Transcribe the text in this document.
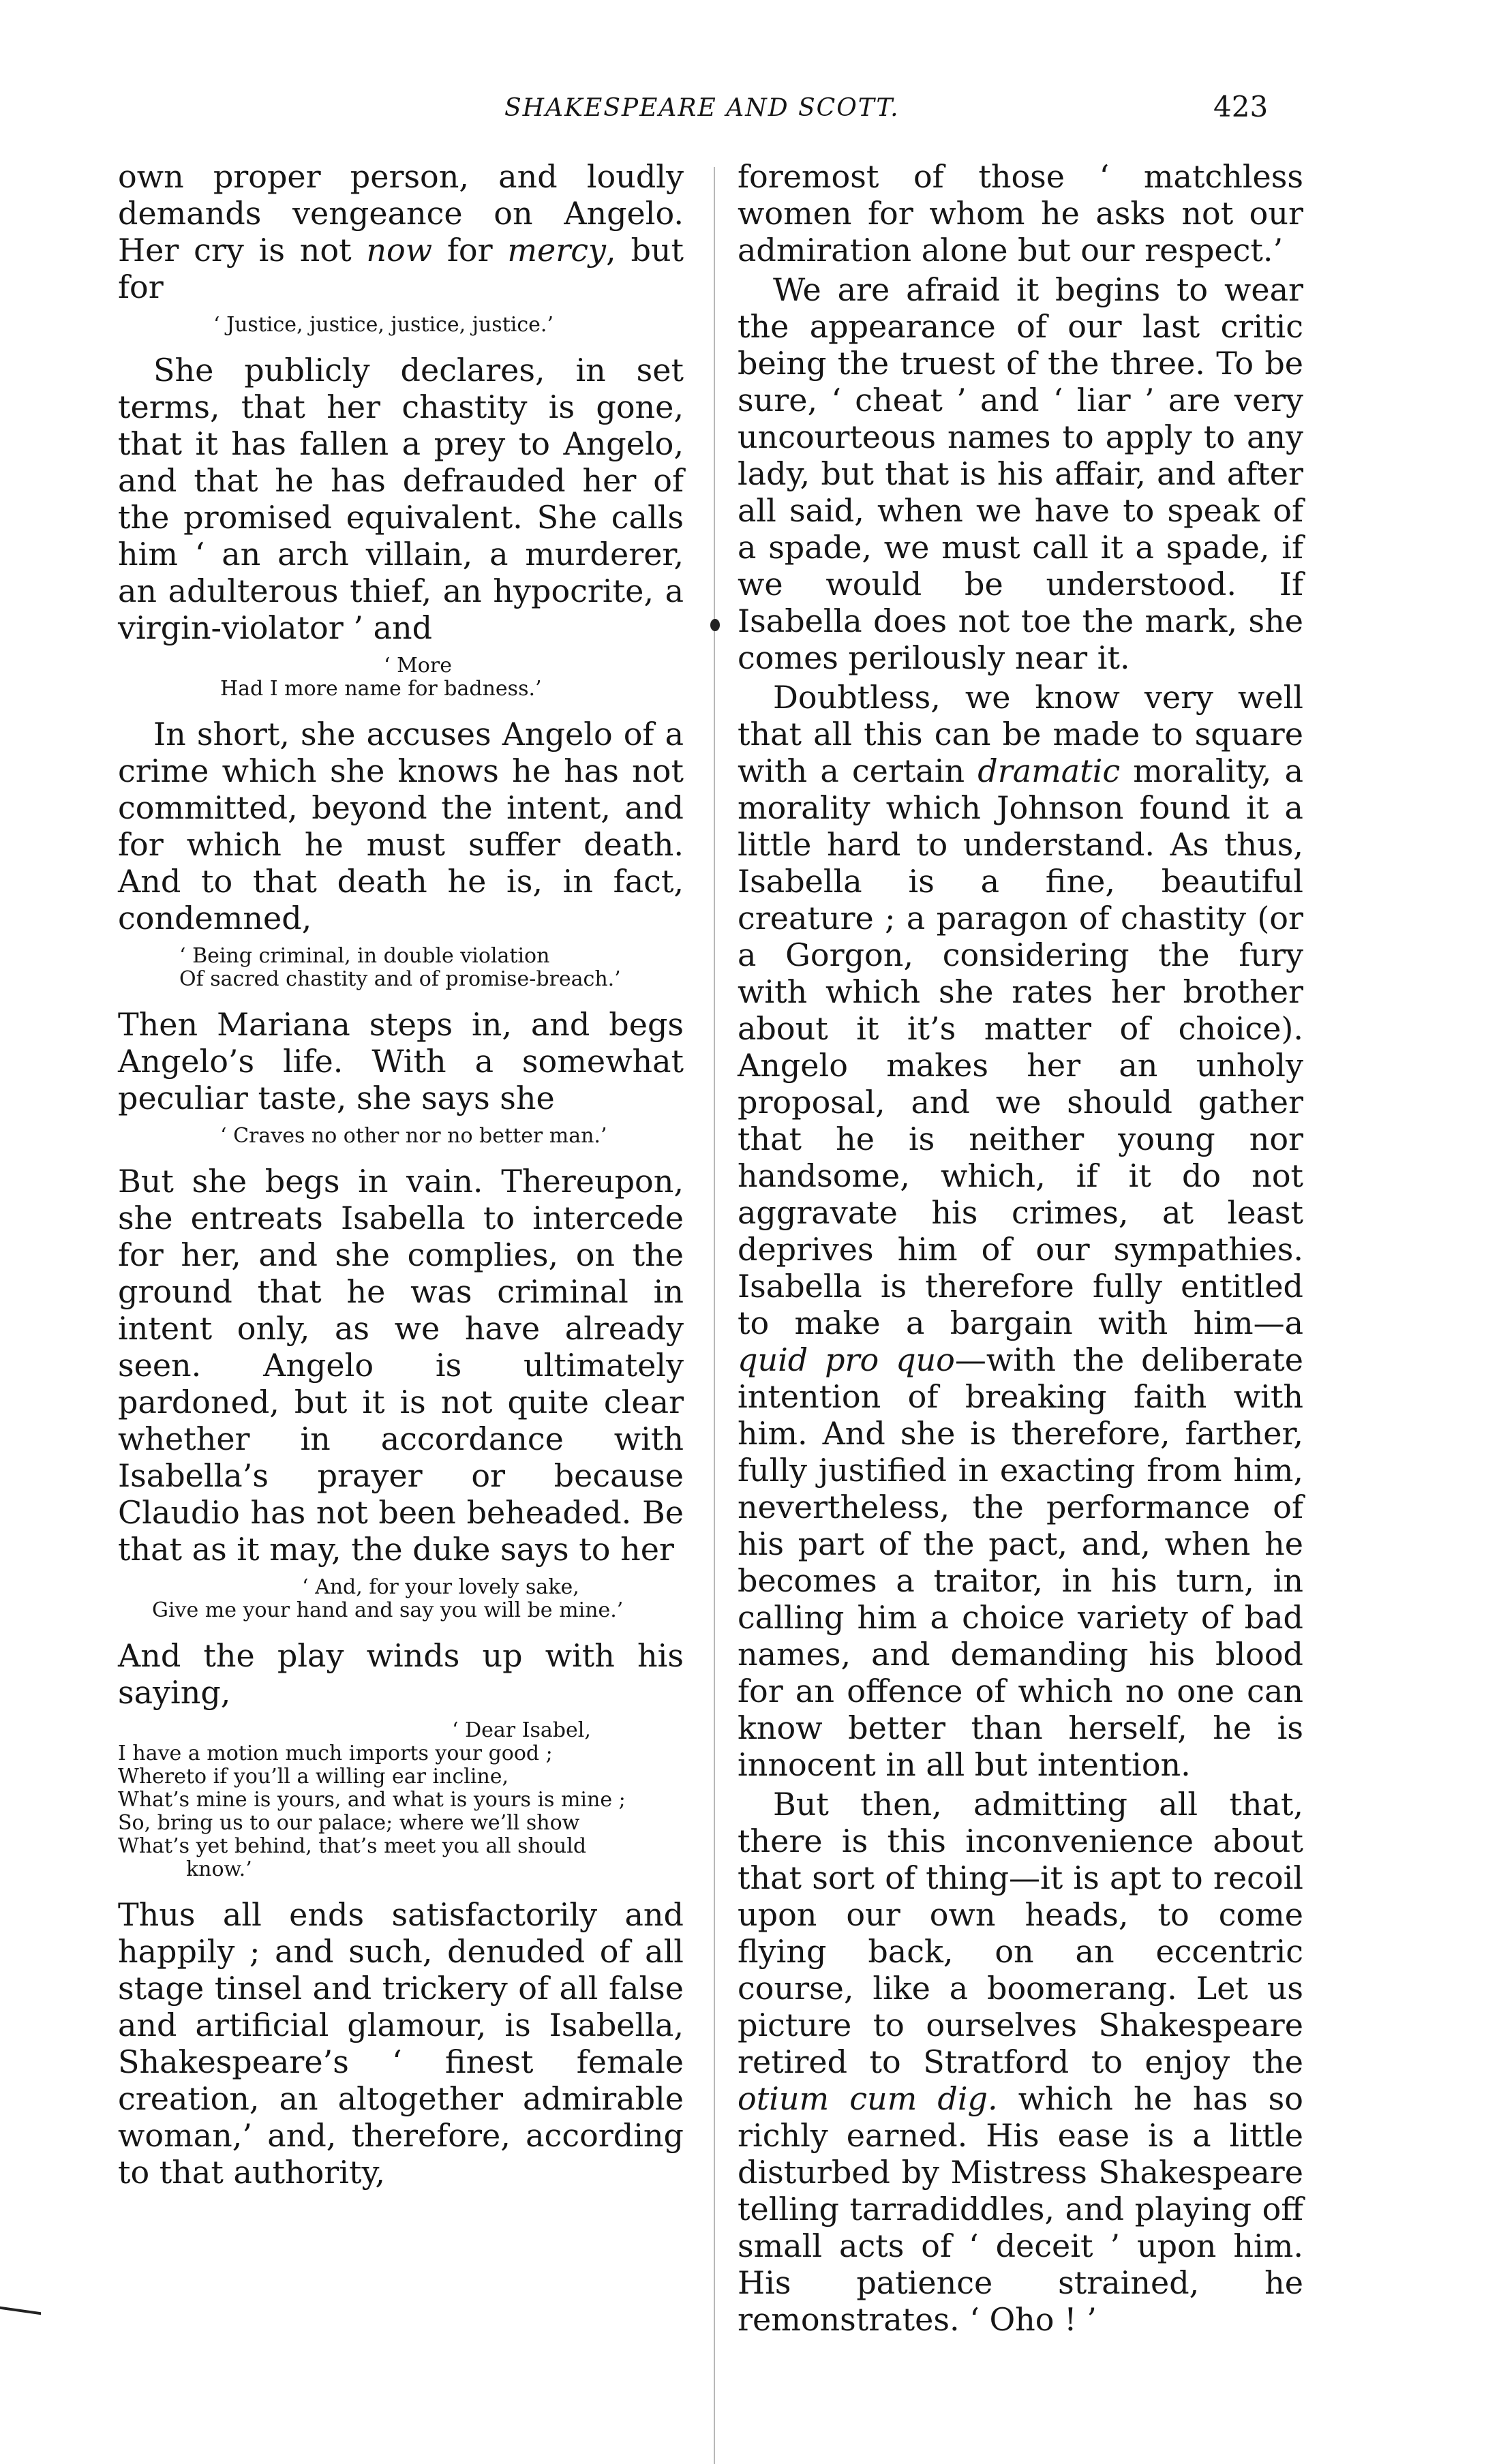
SHAKESPEARE AND SCOTT.	423

own proper person, and loudly demands vengeance on Angelo. Her cry is not now for mercy, but for

‘ Justice, justice, justice, justice.’

She publicly declares, in set terms, that her chastity is gone, that it has fallen a prey to Angelo, and that he has defrauded her of the promised equivalent. She calls him ‘ an arch villain, a murderer, an adulterous thief, an hypocrite, a virgin-violator ’ and

‘ More
Had I more name for badness.’

In short, she accuses Angelo of a crime which she knows he has not committed, beyond the intent, and for which he must suffer death. And to that death he is, in fact, condemned,

‘ Being criminal, in double violation
Of sacred chastity and of promise-breach.’

Then Mariana steps in, and begs Angelo’s life. With a somewhat peculiar taste, she says she

‘ Craves no other nor no better man.’

But she begs in vain. Thereupon, she entreats Isabella to intercede for her, and she complies, on the ground that he was criminal in intent only, as we have already seen. Angelo is ultimately pardoned, but it is not quite clear whether in accordance with Isabella’s prayer or because Claudio has not been beheaded. Be that as it may, the duke says to her

‘ And, for your lovely sake,
Give me your hand and say you will be mine.’

And the play winds up with his saying,

‘ Dear Isabel,
I have a motion much imports your good ;
Whereto if you’ll a willing ear incline,
What’s mine is yours, and what is yours is mine ;
So, bring us to our palace; where we’ll show
What’s yet behind, that’s meet you all should
know.’

Thus all ends satisfactorily and happily ; and such, denuded of all stage tinsel and trickery of all false and artificial glamour, is Isabella, Shakespeare’s ‘ finest female creation, an altogether admirable woman,’ and, therefore, according to that authority,

foremost of those ‘ matchless women for whom he asks not our admiration alone but our respect.’

We are afraid it begins to wear the appearance of our last critic being the truest of the three. To be sure, ‘ cheat ’ and ‘ liar ’ are very uncourteous names to apply to any lady, but that is his affair, and after all said, when we have to speak of a spade, we must call it a spade, if we would be understood. If Isabella does not toe the mark, she comes perilously near it.

Doubtless, we know very well that all this can be made to square with a certain dramatic morality, a morality which Johnson found it a little hard to understand. As thus, Isabella is a fine, beautiful creature ; a paragon of chastity (or a Gorgon, considering the fury with which she rates her brother about it it’s matter of choice). Angelo makes her an unholy proposal, and we should gather that he is neither young nor handsome, which, if it do not aggravate his crimes, at least deprives him of our sympathies. Isabella is therefore fully entitled to make a bargain with him—a quid pro quo—with the deliberate intention of breaking faith with him. And she is therefore, farther, fully justified in exacting from him, nevertheless, the performance of his part of the pact, and, when he becomes a traitor, in his turn, in calling him a choice variety of bad names, and demanding his blood for an offence of which no one can know better than herself, he is innocent in all but intention.

But then, admitting all that, there is this inconvenience about that sort of thing—it is apt to recoil upon our own heads, to come flying back, on an eccentric course, like a boomerang. Let us picture to ourselves Shakespeare retired to Stratford to enjoy the otium cum dig. which he has so richly earned. His ease is a little disturbed by Mistress Shakespeare telling tarradiddles, and playing off small acts of ‘ deceit ’ upon him. His patience strained, he remonstrates. ‘ Oho ! ’
